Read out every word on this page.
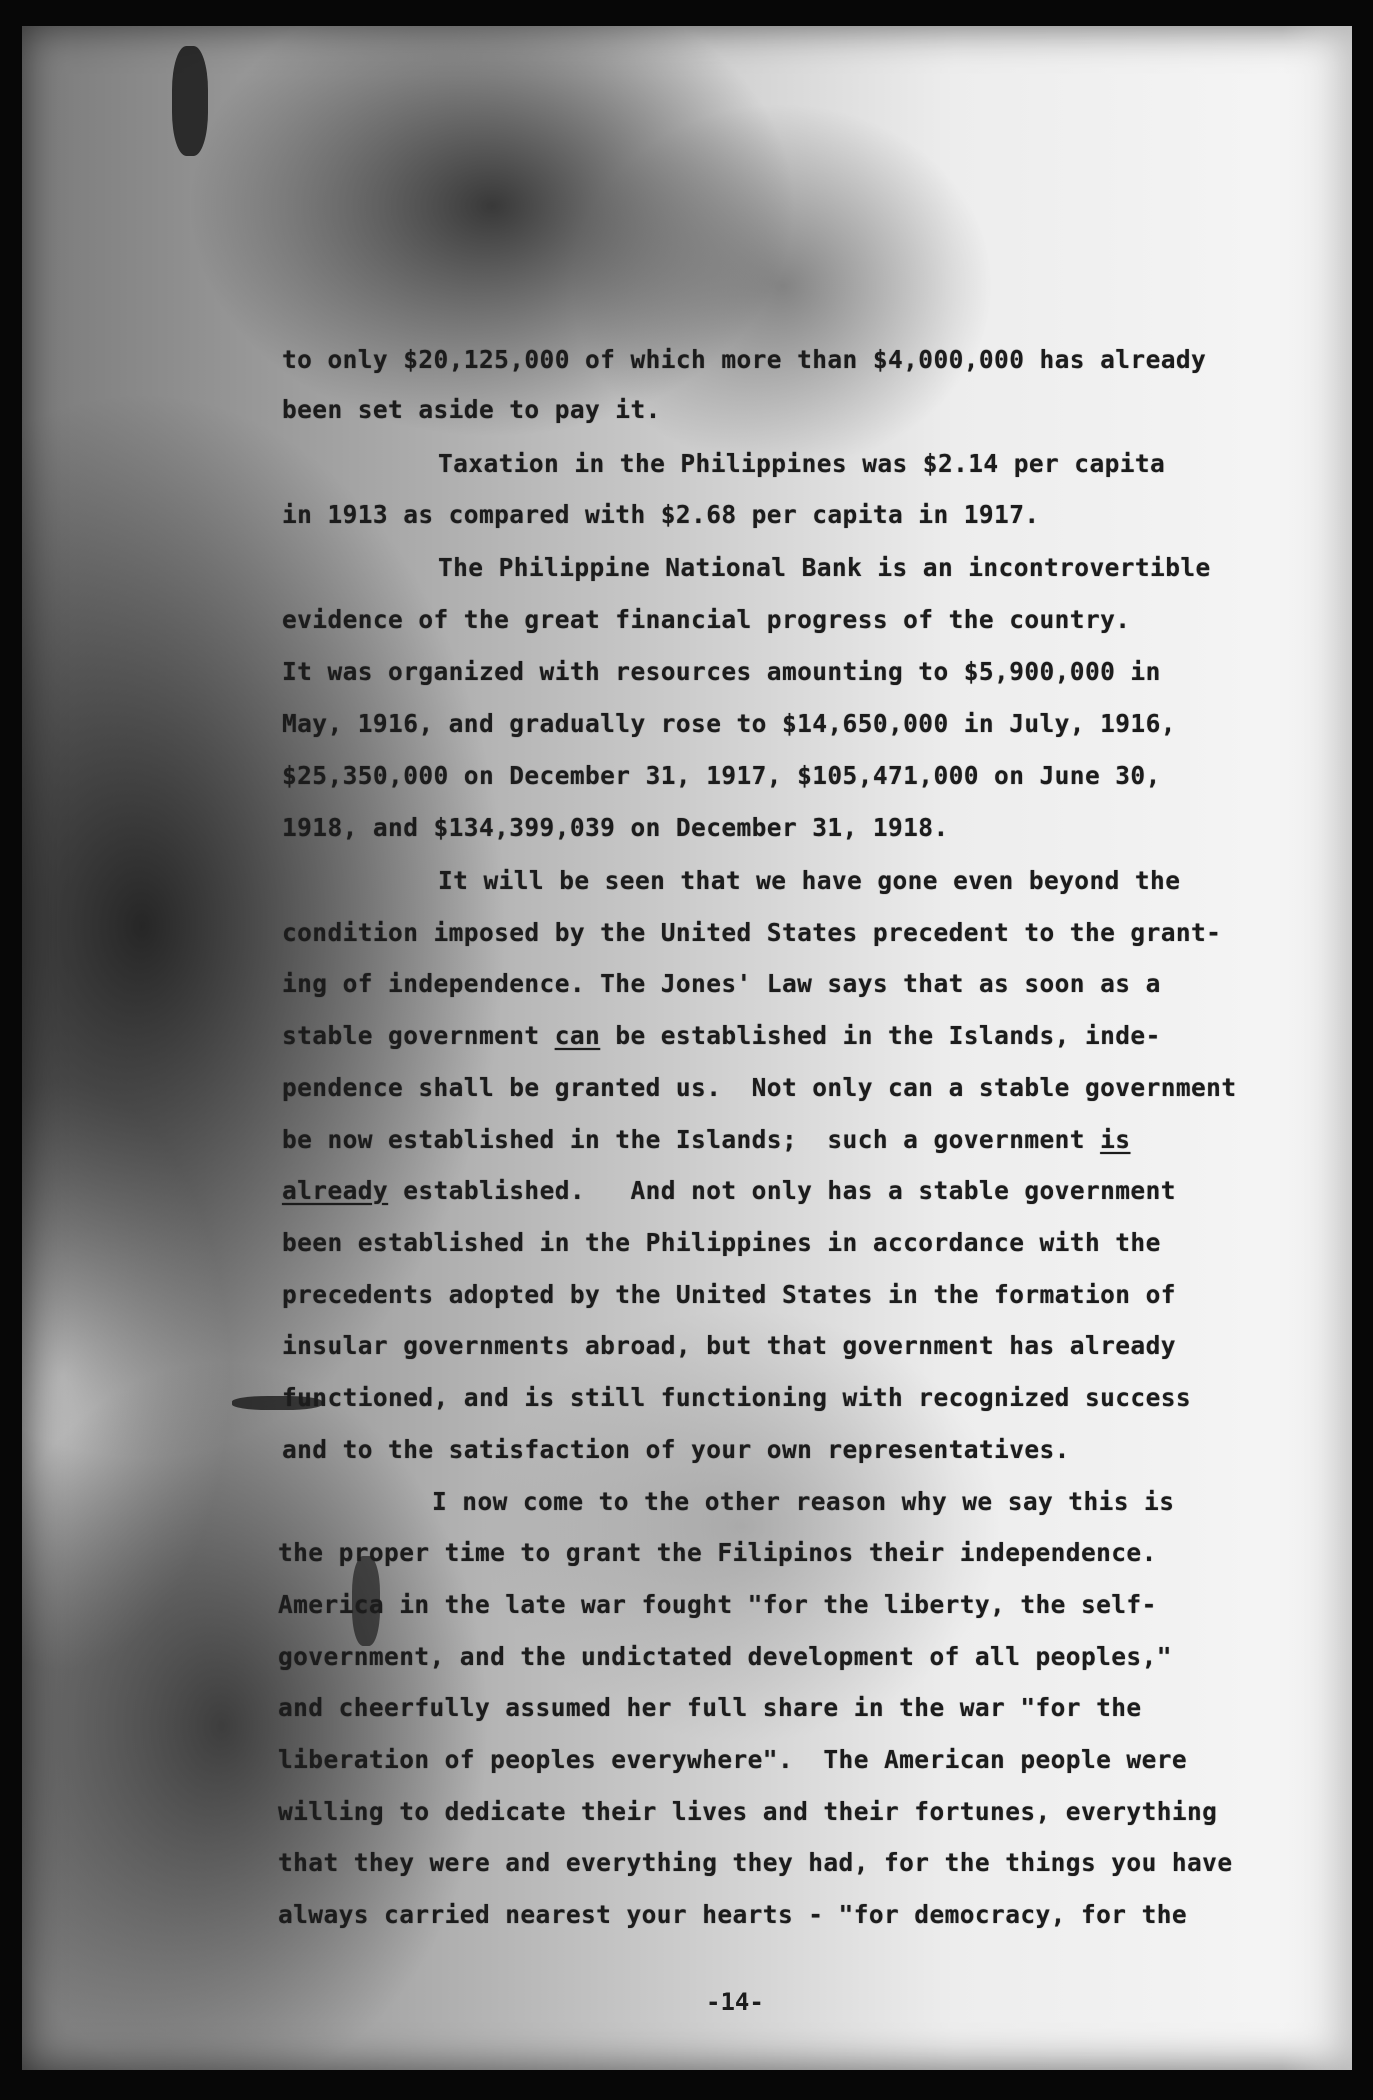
to only $20,125,000 of which more than $4,000,000 has already
been set aside to pay it.
Taxation in the Philippines was $2.14 per capita
in 1913 as compared with $2.68 per capita in 1917.
The Philippine National Bank is an incontrovertible
evidence of the great financial progress of the country.
It was organized with resources amounting to $5,900,000 in
May, 1916, and gradually rose to $14,650,000 in July, 1916,
$25,350,000 on December 31, 1917, $105,471,000 on June 30,
1918, and $134,399,039 on December 31, 1918.
It will be seen that we have gone even beyond the
condition imposed by the United States precedent to the grant-
ing of independence. The Jones' Law says that as soon as a
stable government can be established in the Islands, inde-
pendence shall be granted us.  Not only can a stable government
be now established in the Islands;  such a government is
already established.   And not only has a stable government
been established in the Philippines in accordance with the
precedents adopted by the United States in the formation of
insular governments abroad, but that government has already
functioned, and is still functioning with recognized success
and to the satisfaction of your own representatives.
I now come to the other reason why we say this is
the proper time to grant the Filipinos their independence.
America in the late war fought "for the liberty, the self-
government, and the undictated development of all peoples,"
and cheerfully assumed her full share in the war "for the
liberation of peoples everywhere".  The American people were
willing to dedicate their lives and their fortunes, everything
that they were and everything they had, for the things you have
always carried nearest your hearts - "for democracy, for the
-14-
